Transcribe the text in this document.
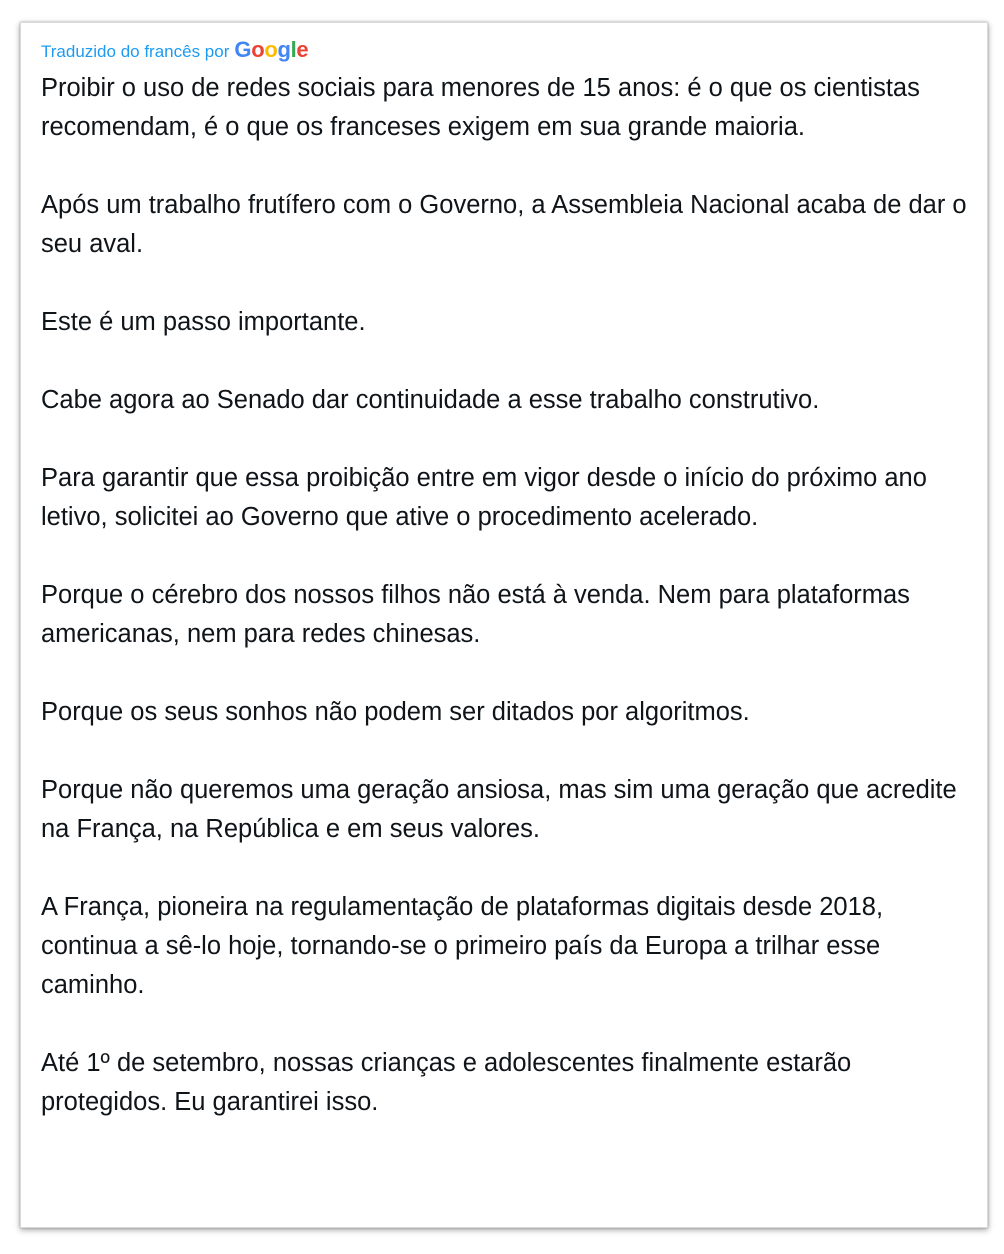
Traduzido do francês por Google

Proibir o uso de redes sociais para menores de 15 anos: é o que os cientistas recomendam, é o que os franceses exigem em sua grande maioria.

Após um trabalho frutífero com o Governo, a Assembleia Nacional acaba de dar o seu aval.

Este é um passo importante.

Cabe agora ao Senado dar continuidade a esse trabalho construtivo.

Para garantir que essa proibição entre em vigor desde o início do próximo ano letivo, solicitei ao Governo que ative o procedimento acelerado.

Porque o cérebro dos nossos filhos não está à venda. Nem para plataformas americanas, nem para redes chinesas.

Porque os seus sonhos não podem ser ditados por algoritmos.

Porque não queremos uma geração ansiosa, mas sim uma geração que acredite na França, na República e em seus valores.

A França, pioneira na regulamentação de plataformas digitais desde 2018, continua a sê-lo hoje, tornando-se o primeiro país da Europa a trilhar esse caminho.

Até 1º de setembro, nossas crianças e adolescentes finalmente estarão protegidos. Eu garantirei isso.
